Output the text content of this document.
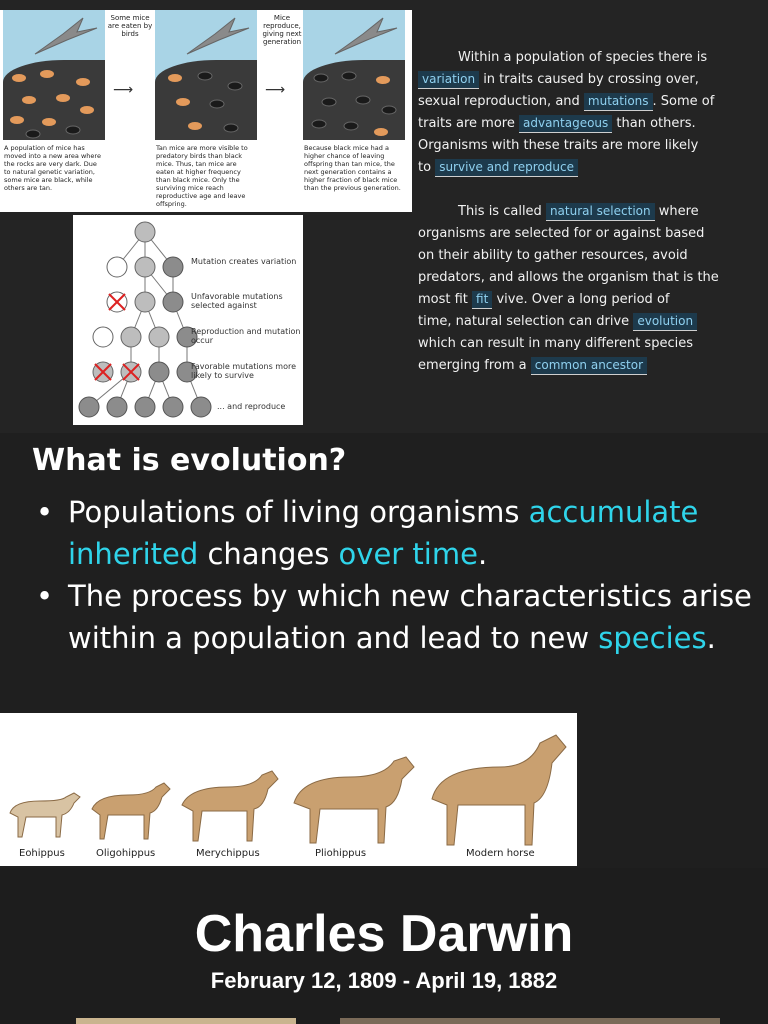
Some mice are eaten by birds
⟶
Mice reproduce, giving next generation
⟶
A population of mice has moved into a new area where the rocks are very dark. Due to natural genetic variation, some mice are black, while others are tan.
Tan mice are more visible to predatory birds than black mice. Thus, tan mice are eaten at higher frequency than black mice. Only the surviving mice reach reproductive age and leave offspring.
Because black mice had a higher chance of leaving offspring than tan mice, the next generation contains a higher fraction of black mice than the previous generation.
Mutation creates variation
Unfavorable mutations selected against
Reproduction and mutation occur
Favorable mutations more likely to survive
... and reproduce

Within a population of species there is

variation in traits caused by crossing over,

sexual reproduction, and mutations . Some of

traits are more advantageous than others.

Organisms with these traits are more likely

to survive and reproduce

This is called natural selection where

organisms are selected for or against based

on their ability to gather resources, avoid

predators, and allows the organism that is the

most fit fit vive. Over a long period of

time, natural selection can drive evolution

which can result in many different species

emerging from a common ancestor

What is evolution?
• Populations of living organisms accumulate inherited changes over time.
• The process by which new characteristics arise within a population and lead to new species.
Eohippus	Oligohippus	Merychippus	Pliohippus	Modern horse
Charles Darwin
February 12, 1809 - April 19, 1882
